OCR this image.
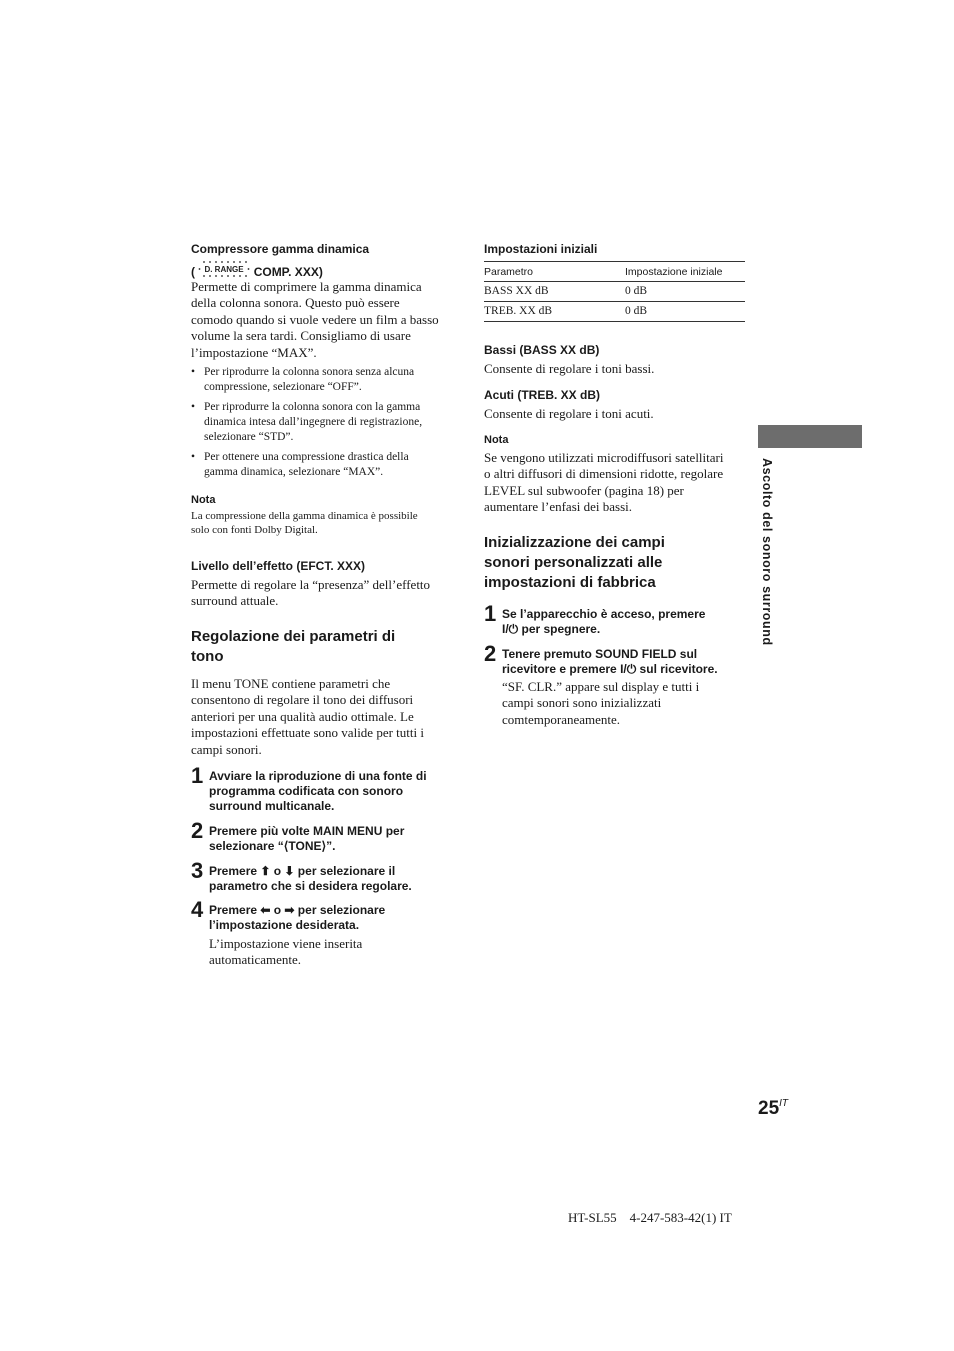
Compressore gamma dinamica
( D. RANGE COMP. XXX)
Permette di comprimere la gamma dinamica
della colonna sonora. Questo può essere
comodo quando si vuole vedere un film a basso
volume la sera tardi. Consigliamo di usare
l’impostazione “MAX”.
• Per riprodurre la colonna sonora senza alcuna
compressione, selezionare “OFF”.
• Per riprodurre la colonna sonora con la gamma
dinamica intesa dall’ingegnere di registrazione,
selezionare “STD”.
• Per ottenere una compressione drastica della
gamma dinamica, selezionare “MAX”.
Nota
La compressione della gamma dinamica è possibile
solo con fonti Dolby Digital.
Livello dell’effetto (EFCT. XXX)
Permette di regolare la “presenza” dell’effetto
surround attuale.
Regolazione dei parametri di
tono
Il menu TONE contiene parametri che
consentono di regolare il tono dei diffusori
anteriori per una qualità audio ottimale. Le
impostazioni effettuate sono valide per tutti i
campi sonori.
1 Avviare la riproduzione di una fonte di
programma codificata con sonoro
surround multicanale.
2 Premere più volte MAIN MENU per
selezionare “⟨TONE⟩”.
3 Premere ⬆ o ⬇ per selezionare il
parametro che si desidera regolare.
4 Premere ⬅ o ➡ per selezionare
l’impostazione desiderata.
L’impostazione viene inserita
automaticamente.
Impostazioni iniziali
Parametro	Impostazione iniziale
BASS XX dB	0 dB
TREB. XX dB	0 dB
Bassi (BASS XX dB)
Consente di regolare i toni bassi.
Acuti (TREB. XX dB)
Consente di regolare i toni acuti.
Nota
Se vengono utilizzati microdiffusori satellitari
o altri diffusori di dimensioni ridotte, regolare
LEVEL sul subwoofer (pagina 18) per
aumentare l’enfasi dei bassi.
Inizializzazione dei campi
sonori personalizzati alle
impostazioni di fabbrica
1 Se l’apparecchio è acceso, premere
I/⏻ per spegnere.
2 Tenere premuto SOUND FIELD sul
ricevitore e premere I/⏻ sul ricevitore.
“SF. CLR.” appare sul display e tutti i
campi sonori sono inizializzati
comtemporaneamente.
Ascolto del sonoro surround
$25^{IT}$
HT-SL55    4-247-583-42(1) IT
